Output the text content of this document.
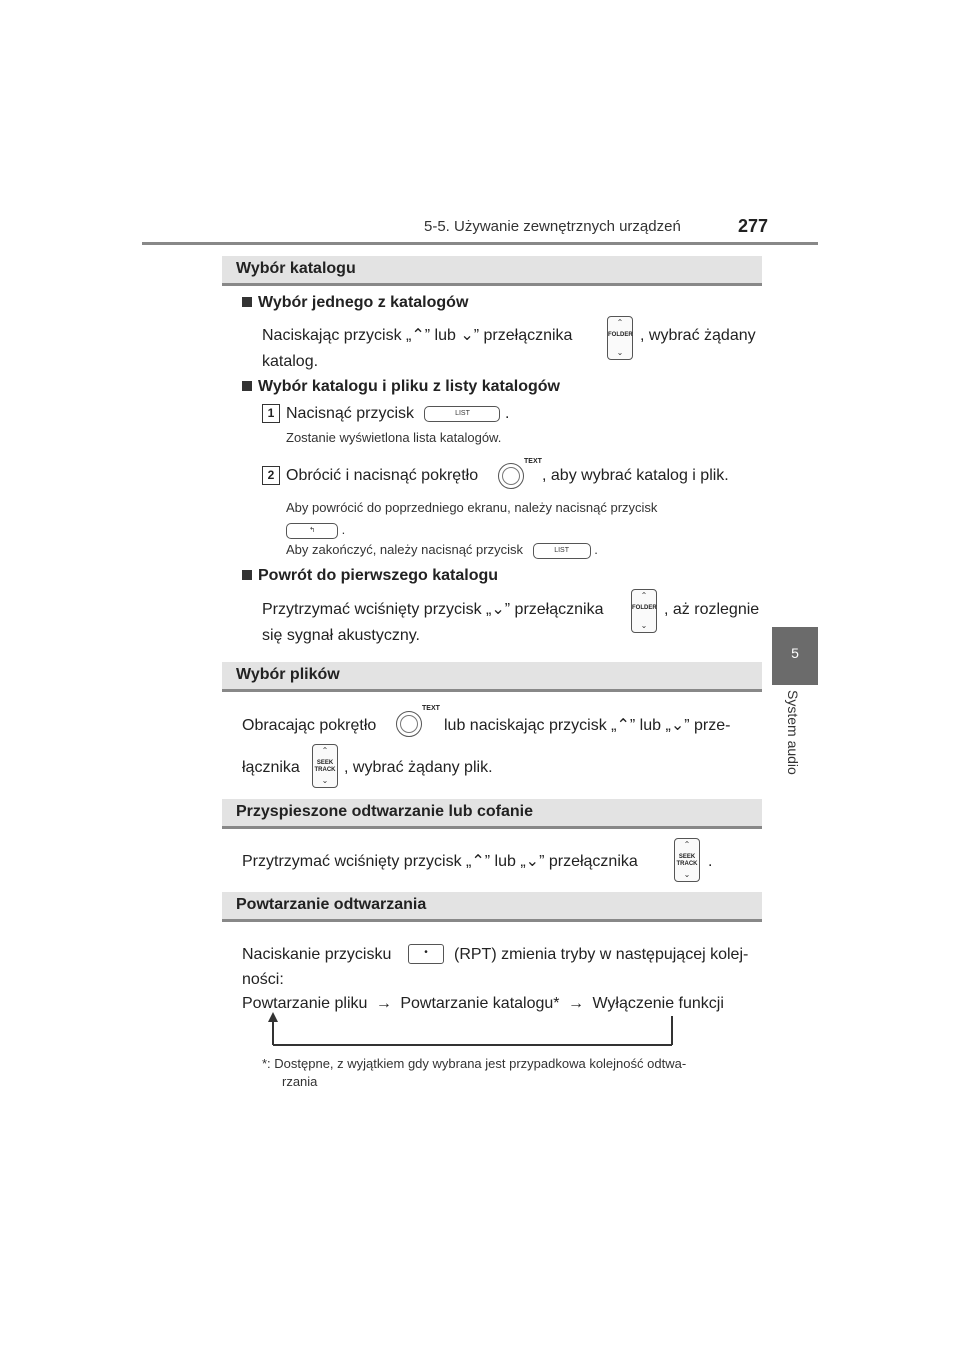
5-5. Używanie zewnętrznych urządzeń	277
5
System audio
Wybór katalogu
Wybór jednego z katalogów
Naciskając przycisk „⌃” lub ⌄” przełącznika
⌃
FOLDER
⌄
, wybrać żądany
katalog.
Wybór katalogu i pliku z listy katalogów
1 Nacisnąć przycisk	LIST .
Zostanie wyświetlona lista katalogów.
2 Obrócić i nacisnąć pokrętło
TEXT
, aby wybrać katalog i plik.
Aby powrócić do poprzedniego ekranu, należy nacisnąć przycisk
↰ .
Aby zakończyć, należy nacisnąć przycisk	LIST .
Powrót do pierwszego katalogu
Przytrzymać wciśnięty przycisk „⌄” przełącznika
⌃
FOLDER
⌄
, aż rozlegnie
się sygnał akustyczny.
Wybór plików
Obracając pokrętło
TEXT
lub naciskając przycisk „⌃” lub „⌄” prze-
łącznika
⌃
SEEK TRACK
⌄
, wybrać żądany plik.
Przyspieszone odtwarzanie lub cofanie
Przytrzymać wciśnięty przycisk „⌃” lub „⌄” przełącznika
⌃
SEEK TRACK
⌄
.
Powtarzanie odtwarzania
Naciskanie przycisku	•	(RPT) zmienia tryby w następującej kolej-
ności:
Powtarzanie pliku → Powtarzanie katalogu* → Wyłączenie funkcji
*: Dostępne, z wyjątkiem gdy wybrana jest przypadkowa kolejność odtwa-
rzania
